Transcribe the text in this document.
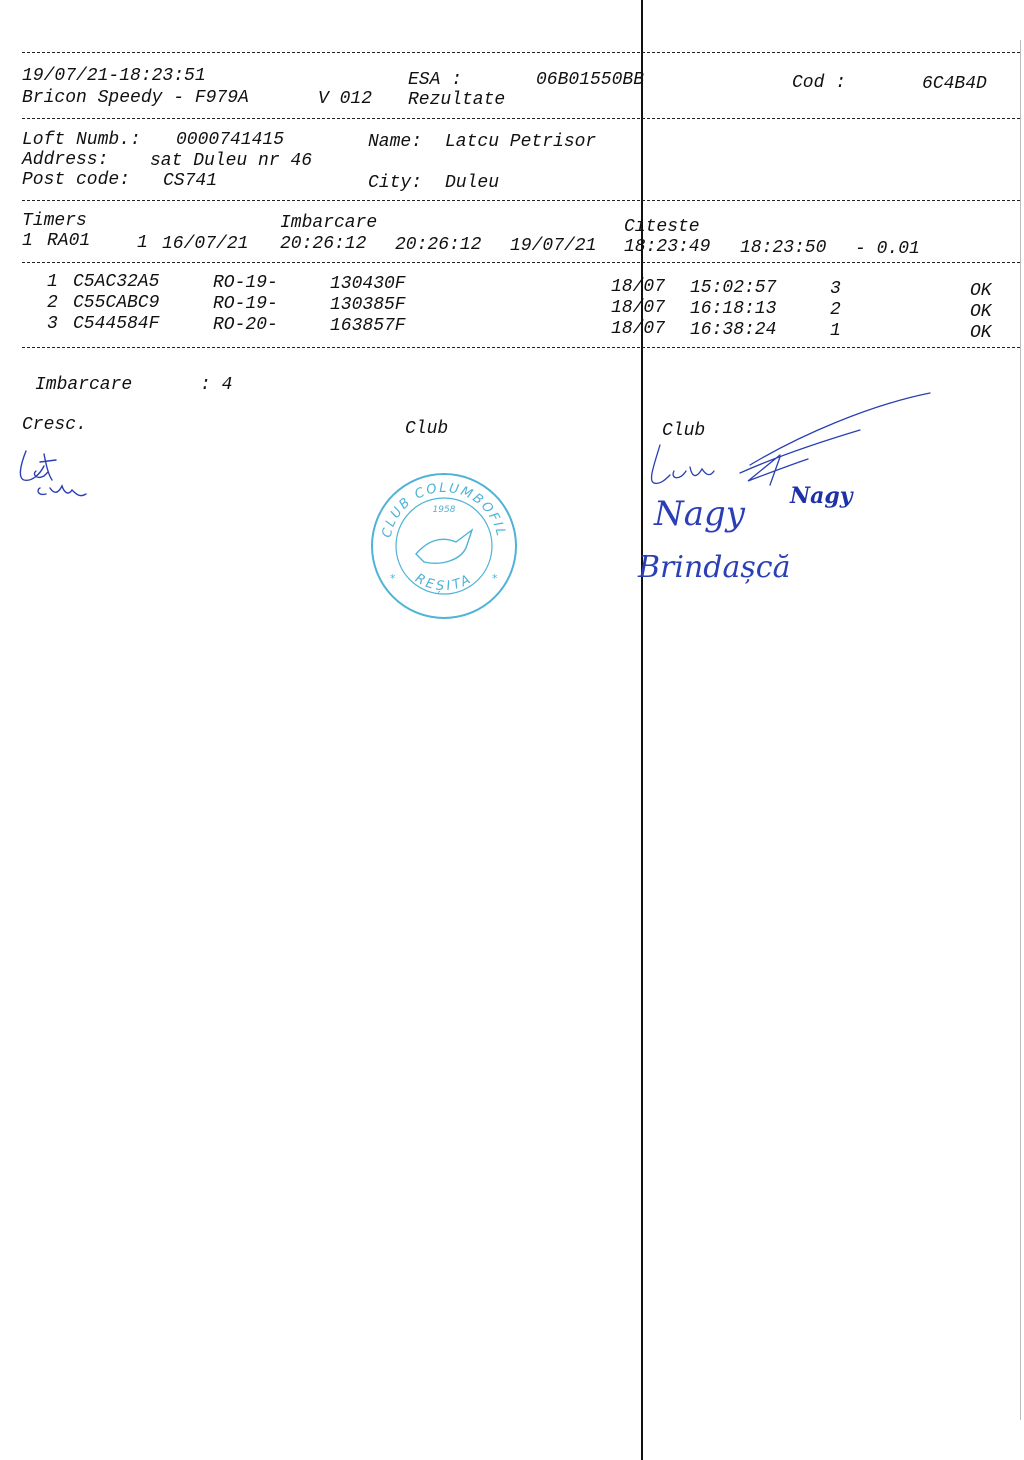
19/07/21-18:23:51	ESA :	06B01550BB	Cod :	6C4B4D
Bricon Speedy - F979A	V 012 Rezultate
Loft Numb.: 0000741415	Name: Latcu Petrisor
Address: sat Duleu nr 46
Post code: CS741	City: Duleu
Timers	Imbarcare	Citeste
1 RA01	1 16/07/21 20:26:12 20:26:12 19/07/21 18:23:49 18:23:50 - 0.01
1 C5AC32A5	RO-19-	130430F	18/07 15:02:57	3	OK
2 C55CABC9	RO-19-	130385F	18/07 16:18:13	2	OK
3 C544584F	RO-20-	163857F	18/07 16:38:24	1	OK
Imbarcare	: 4
Cresc.	Club	Club
CLUB COLUMBOFIL
REȘITA
1958
*	*
Nagy Nagy
Brindașcă
